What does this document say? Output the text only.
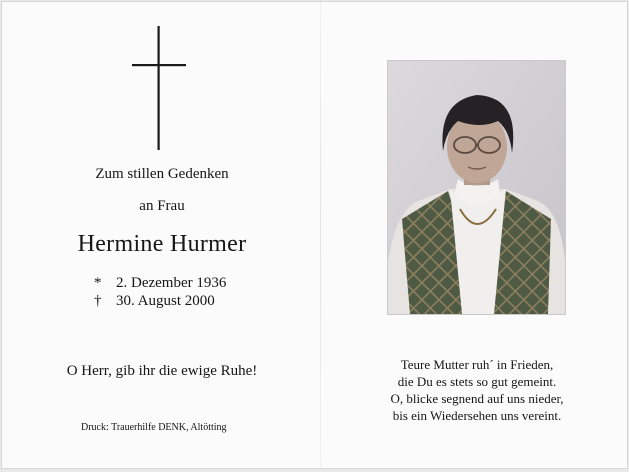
Zum stillen Gedenken
an Frau
Hermine Hurmer
* 2. Dezember 1936
† 30. August 2000
O Herr, gib ihr die ewige Ruhe!
Druck: Trauerhilfe DENK, Altötting
Teure Mutter ruh´ in Frieden,
die Du es stets so gut gemeint.
O, blicke segnend auf uns nieder,
bis ein Wiedersehen uns vereint.
